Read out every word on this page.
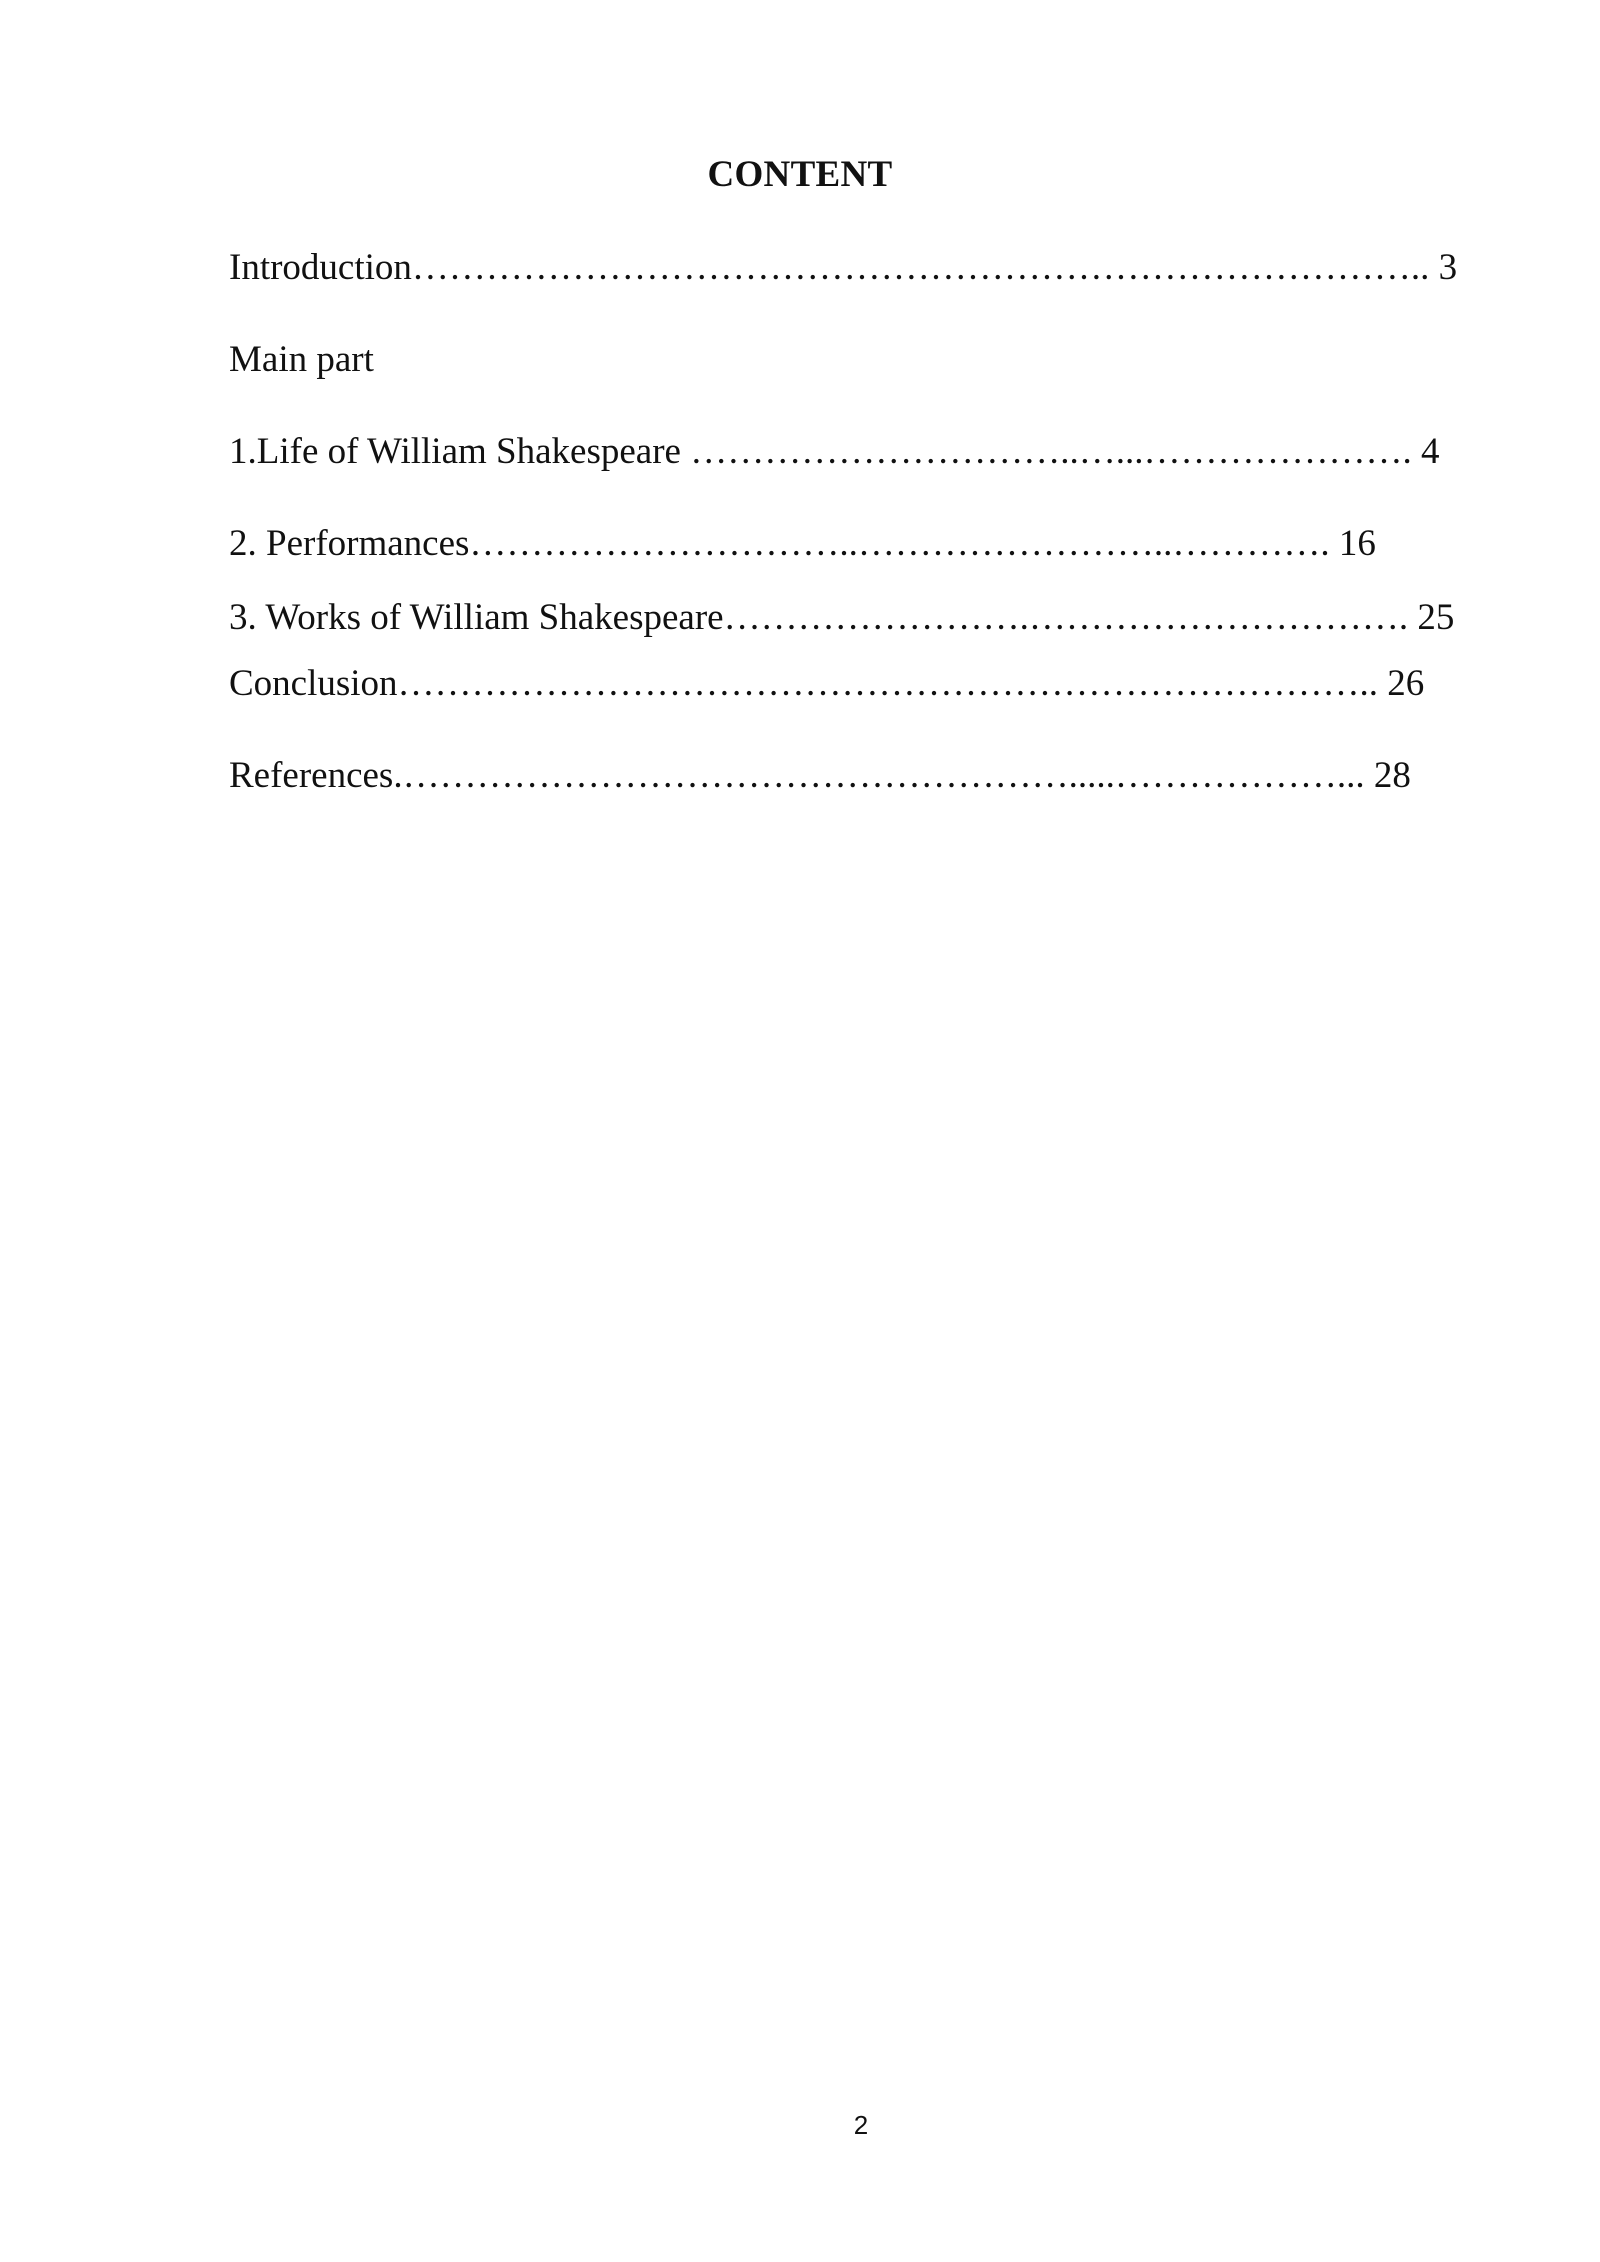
CONTENT
Introduction……………………………………………………………………….. 3
Main part
1.Life of William Shakespeare …………………………..…...…………………. 4
2. Performances…………………………..……………………..…………. 16
3. Works of William Shakespeare…………………….…………………………. 25
Conclusion…………………………………………………………………….. 26
References.……………………………………………….....………………... 28
2
